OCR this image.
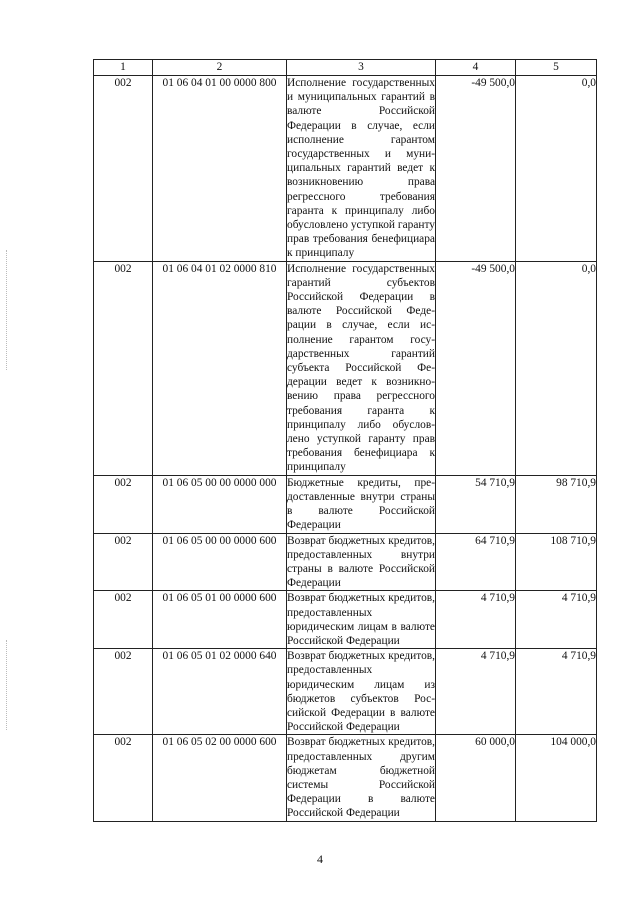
1	2	3	4	5
002	01 06 04 01 00 0000 800	Исполнение государственных и муниципальных гарантий в валюте Российской Федерации в случае, если исполнение гарантом государственных и муниципальных гарантий ведет к возникновению права регрессного требования гаранта к принципалу либо обусловлено уступкой гаранту прав требования бенефициара к принципалу	-49 500,0	0,0
002	01 06 04 01 02 0000 810	Исполнение государственных гарантий субъектов Российской Федерации в валюте Российской Федерации в случае, если исполнение гарантом государственных гарантий субъекта Российской Федерации ведет к возникновению права регрессного требования гаранта к принципалу либо обусловлено уступкой гаранту прав требования бенефициара к принципалу	-49 500,0	0,0
002	01 06 05 00 00 0000 000	Бюджетные кредиты, предоставленные внутри страны в валюте Российской Федерации	54 710,9	98 710,9
002	01 06 05 00 00 0000 600	Возврат бюджетных кредитов, предоставленных внутри страны в валюте Российской Федерации	64 710,9	108 710,9
002	01 06 05 01 00 0000 600	Возврат бюджетных кредитов, предоставленных юридическим лицам в валюте Российской Федерации	4 710,9	4 710,9
002	01 06 05 01 02 0000 640	Возврат бюджетных кредитов, предоставленных юридическим лицам из бюджетов субъектов Российской Федерации в валюте Российской Федерации	4 710,9	4 710,9
002	01 06 05 02 00 0000 600	Возврат бюджетных кредитов, предоставленных другим бюджетам бюджетной системы Российской Федерации в валюте Российской Федерации	60 000,0	104 000,0
4
